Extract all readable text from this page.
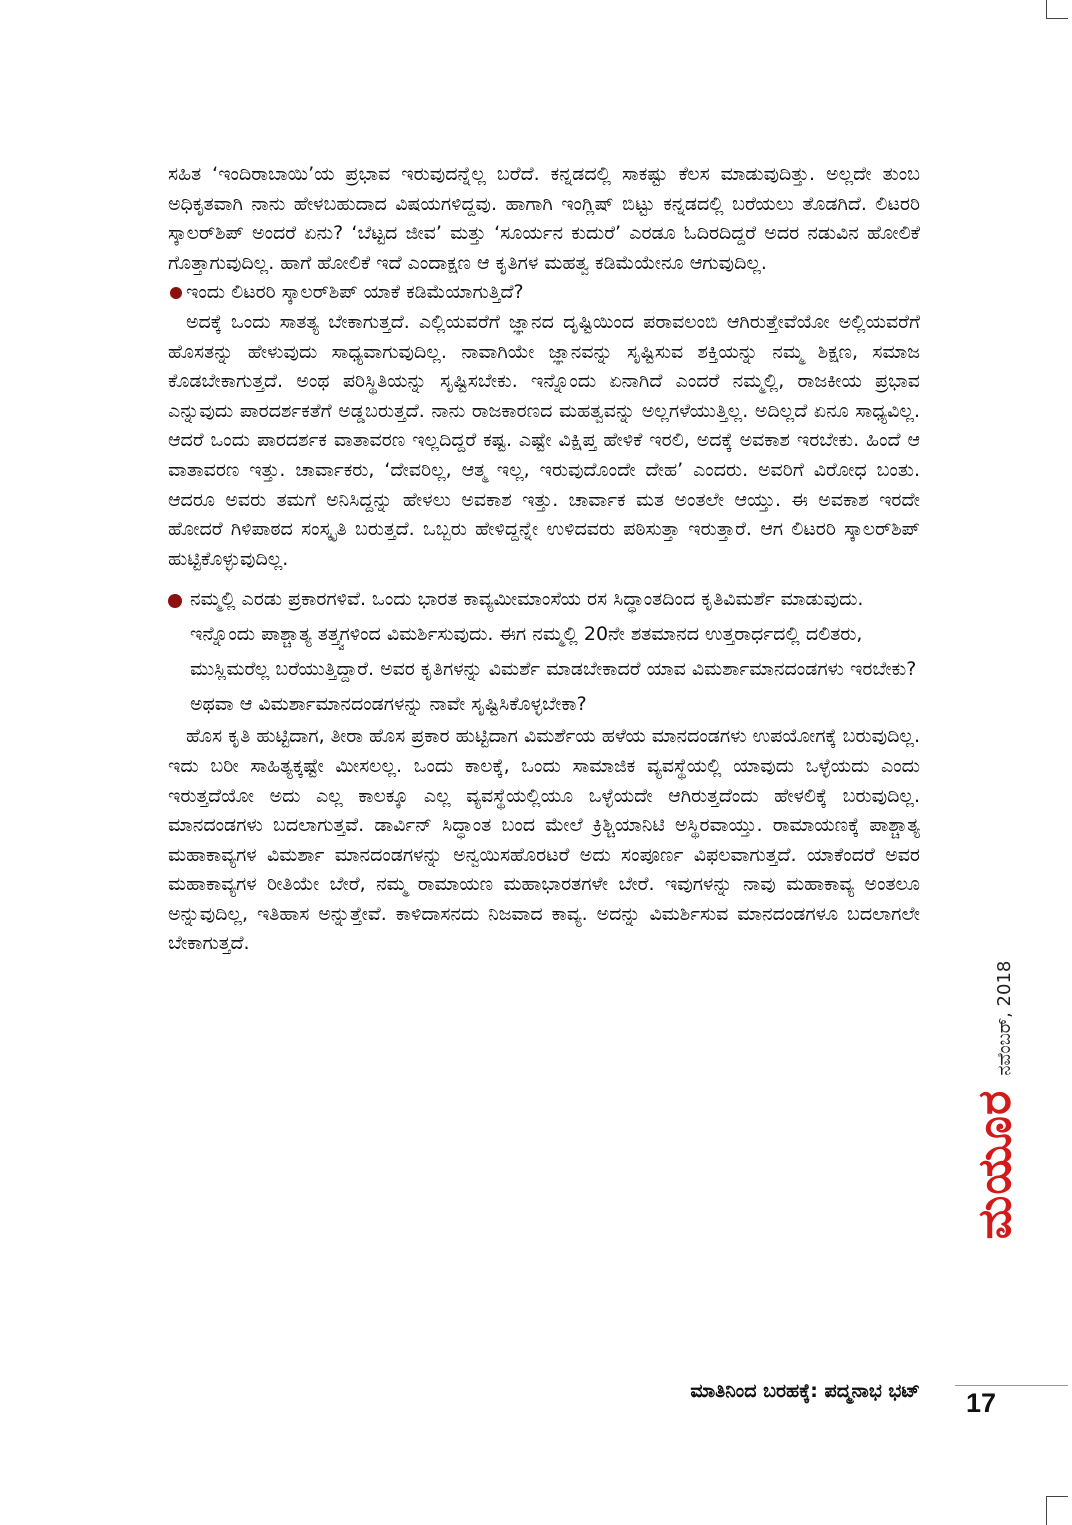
ಸಹಿತ ‘ಇಂದಿರಾಬಾಯಿ’ಯ ಪ್ರಭಾವ ಇರುವುದನ್ನೆಲ್ಲ ಬರೆದೆ. ಕನ್ನಡದಲ್ಲಿ ಸಾಕಷ್ಟು ಕೆಲಸ ಮಾಡುವುದಿತ್ತು. ಅಲ್ಲದೇ ತುಂಬ ಅಧಿಕೃತವಾಗಿ ನಾನು ಹೇಳಬಹುದಾದ ವಿಷಯಗಳಿದ್ದವು. ಹಾಗಾಗಿ ಇಂಗ್ಲಿಷ್ ಬಿಟ್ಟು ಕನ್ನಡದಲ್ಲಿ ಬರೆಯಲು ತೊಡಗಿದೆ. ಲಿಟರರಿ ಸ್ಕಾಲರ್‌ಶಿಪ್ ಅಂದರೆ ಏನು? ‘ಬೆಟ್ಟದ ಜೀವ’ ಮತ್ತು ‘ಸೂರ್ಯನ ಕುದುರೆ’ ಎರಡೂ ಓದಿರದಿದ್ದರೆ ಅದರ ನಡುವಿನ ಹೋಲಿಕೆ ಗೊತ್ತಾಗುವುದಿಲ್ಲ. ಹಾಗೆ ಹೋಲಿಕೆ ಇದೆ ಎಂದಾಕ್ಷಣ ಆ ಕೃತಿಗಳ ಮಹತ್ವ ಕಡಿಮೆಯೇನೂ ಆಗುವುದಿಲ್ಲ.

ಇಂದು ಲಿಟರರಿ ಸ್ಕಾಲರ್‌ಶಿಪ್ ಯಾಕೆ ಕಡಿಮೆಯಾಗುತ್ತಿದೆ?

ಅದಕ್ಕೆ ಒಂದು ಸಾತತ್ಯ ಬೇಕಾಗುತ್ತದೆ. ಎಲ್ಲಿಯವರೆಗೆ ಜ್ಞಾನದ ದೃಷ್ಟಿಯಿಂದ ಪರಾವಲಂಬಿ ಆಗಿರುತ್ತೇವೆಯೋ ಅಲ್ಲಿಯವರೆಗೆ ಹೊಸತನ್ನು ಹೇಳುವುದು ಸಾಧ್ಯವಾಗುವುದಿಲ್ಲ. ನಾವಾಗಿಯೇ ಜ್ಞಾನವನ್ನು ಸೃಷ್ಟಿಸುವ ಶಕ್ತಿಯನ್ನು ನಮ್ಮ ಶಿಕ್ಷಣ, ಸಮಾಜ ಕೊಡಬೇಕಾಗುತ್ತದೆ. ಅಂಥ ಪರಿಸ್ಥಿತಿಯನ್ನು ಸೃಷ್ಟಿಸಬೇಕು. ಇನ್ನೊಂದು ಏನಾಗಿದೆ ಎಂದರೆ ನಮ್ಮಲ್ಲಿ, ರಾಜಕೀಯ ಪ್ರಭಾವ ಎನ್ನುವುದು ಪಾರದರ್ಶಕತೆಗೆ ಅಡ್ಡಬರುತ್ತದೆ. ನಾನು ರಾಜಕಾರಣದ ಮಹತ್ವವನ್ನು ಅಲ್ಲಗಳೆಯುತ್ತಿಲ್ಲ. ಅದಿಲ್ಲದೆ ಏನೂ ಸಾಧ್ಯವಿಲ್ಲ. ಆದರೆ ಒಂದು ಪಾರದರ್ಶಕ ವಾತಾವರಣ ಇಲ್ಲದಿದ್ದರೆ ಕಷ್ಟ. ಎಷ್ಟೇ ವಿಕ್ಷಿಪ್ತ ಹೇಳಿಕೆ ಇರಲಿ, ಅದಕ್ಕೆ ಅವಕಾಶ ಇರಬೇಕು. ಹಿಂದೆ ಆ ವಾತಾವರಣ ಇತ್ತು. ಚಾರ್ವಾಕರು, ‘ದೇವರಿಲ್ಲ, ಆತ್ಮ ಇಲ್ಲ, ಇರುವುದೊಂದೇ ದೇಹ’ ಎಂದರು. ಅವರಿಗೆ ವಿರೋಧ ಬಂತು. ಆದರೂ ಅವರು ತಮಗೆ ಅನಿಸಿದ್ದನ್ನು ಹೇಳಲು ಅವಕಾಶ ಇತ್ತು. ಚಾರ್ವಾಕ ಮತ ಅಂತಲೇ ಆಯ್ತು. ಈ ಅವಕಾಶ ಇರದೇ ಹೋದರೆ ಗಿಳಿಪಾಠದ ಸಂಸ್ಕೃತಿ ಬರುತ್ತದೆ. ಒಬ್ಬರು ಹೇಳಿದ್ದನ್ನೇ ಉಳಿದವರು ಪಠಿಸುತ್ತಾ ಇರುತ್ತಾರೆ. ಆಗ ಲಿಟರರಿ ಸ್ಕಾಲರ್‌ಶಿಪ್ ಹುಟ್ಟಿಕೊಳ್ಳುವುದಿಲ್ಲ.

ನಮ್ಮಲ್ಲಿ ಎರಡು ಪ್ರಕಾರಗಳಿವೆ. ಒಂದು ಭಾರತ ಕಾವ್ಯಮೀಮಾಂಸೆಯ ರಸ ಸಿದ್ಧಾಂತದಿಂದ ಕೃತಿವಿಮರ್ಶೆ ಮಾಡುವುದು. ಇನ್ನೊಂದು ಪಾಶ್ಚಾತ್ಯ ತತ್ತ್ವಗಳಿಂದ ವಿಮರ್ಶಿಸುವುದು. ಈಗ ನಮ್ಮಲ್ಲಿ 20ನೇ ಶತಮಾನದ ಉತ್ತರಾರ್ಧದಲ್ಲಿ ದಲಿತರು, ಮುಸ್ಲಿಮರೆಲ್ಲ ಬರೆಯುತ್ತಿದ್ದಾರೆ. ಅವರ ಕೃತಿಗಳನ್ನು ವಿಮರ್ಶೆ ಮಾಡಬೇಕಾದರೆ ಯಾವ ವಿಮರ್ಶಾಮಾನದಂಡಗಳು ಇರಬೇಕು? ಅಥವಾ ಆ ವಿಮರ್ಶಾಮಾನದಂಡಗಳನ್ನು ನಾವೇ ಸೃಷ್ಟಿಸಿಕೊಳ್ಳಬೇಕಾ?

ಹೊಸ ಕೃತಿ ಹುಟ್ಟಿದಾಗ, ತೀರಾ ಹೊಸ ಪ್ರಕಾರ ಹುಟ್ಟಿದಾಗ ವಿಮರ್ಶೆಯ ಹಳೆಯ ಮಾನದಂಡಗಳು ಉಪಯೋಗಕ್ಕೆ ಬರುವುದಿಲ್ಲ. ಇದು ಬರೀ ಸಾಹಿತ್ಯಕ್ಕಷ್ಟೇ ಮೀಸಲಲ್ಲ. ಒಂದು ಕಾಲಕ್ಕೆ, ಒಂದು ಸಾಮಾಜಿಕ ವ್ಯವಸ್ಥೆಯಲ್ಲಿ ಯಾವುದು ಒಳ್ಳೆಯದು ಎಂದು ಇರುತ್ತದೆಯೋ ಅದು ಎಲ್ಲ ಕಾಲಕ್ಕೂ ಎಲ್ಲ ವ್ಯವಸ್ಥೆಯಲ್ಲಿಯೂ ಒಳ್ಳೆಯದೇ ಆಗಿರುತ್ತದೆಂದು ಹೇಳಲಿಕ್ಕೆ ಬರುವುದಿಲ್ಲ. ಮಾನದಂಡಗಳು ಬದಲಾಗುತ್ತವೆ. ಡಾರ್ವಿನ್ ಸಿದ್ಧಾಂತ ಬಂದ ಮೇಲೆ ಕ್ರಿಶ್ಚಿಯಾನಿಟಿ ಅಸ್ಥಿರವಾಯ್ತು. ರಾಮಾಯಣಕ್ಕೆ ಪಾಶ್ಚಾತ್ಯ ಮಹಾಕಾವ್ಯಗಳ ವಿಮರ್ಶಾ ಮಾನದಂಡಗಳನ್ನು ಅನ್ವಯಿಸಹೊರಟರೆ ಅದು ಸಂಪೂರ್ಣ ವಿಫಲವಾಗುತ್ತದೆ. ಯಾಕೆಂದರೆ ಅವರ ಮಹಾಕಾವ್ಯಗಳ ರೀತಿಯೇ ಬೇರೆ, ನಮ್ಮ ರಾಮಾಯಣ ಮಹಾಭಾರತಗಳೇ ಬೇರೆ. ಇವುಗಳನ್ನು ನಾವು ಮಹಾಕಾವ್ಯ ಅಂತಲೂ ಅನ್ನುವುದಿಲ್ಲ, ಇತಿಹಾಸ ಅನ್ನುತ್ತೇವೆ. ಕಾಳಿದಾಸನದು ನಿಜವಾದ ಕಾವ್ಯ. ಅದನ್ನು ವಿಮರ್ಶಿಸುವ ಮಾನದಂಡಗಳೂ ಬದಲಾಗಲೇ ಬೇಕಾಗುತ್ತದೆ.

ಮಾತಿನಿಂದ ಬರಹಕ್ಕೆ: ಪದ್ಮನಾಭ ಭಟ್
ಮಯೂರ
ನವೆಂಬರ್, 2018
17
